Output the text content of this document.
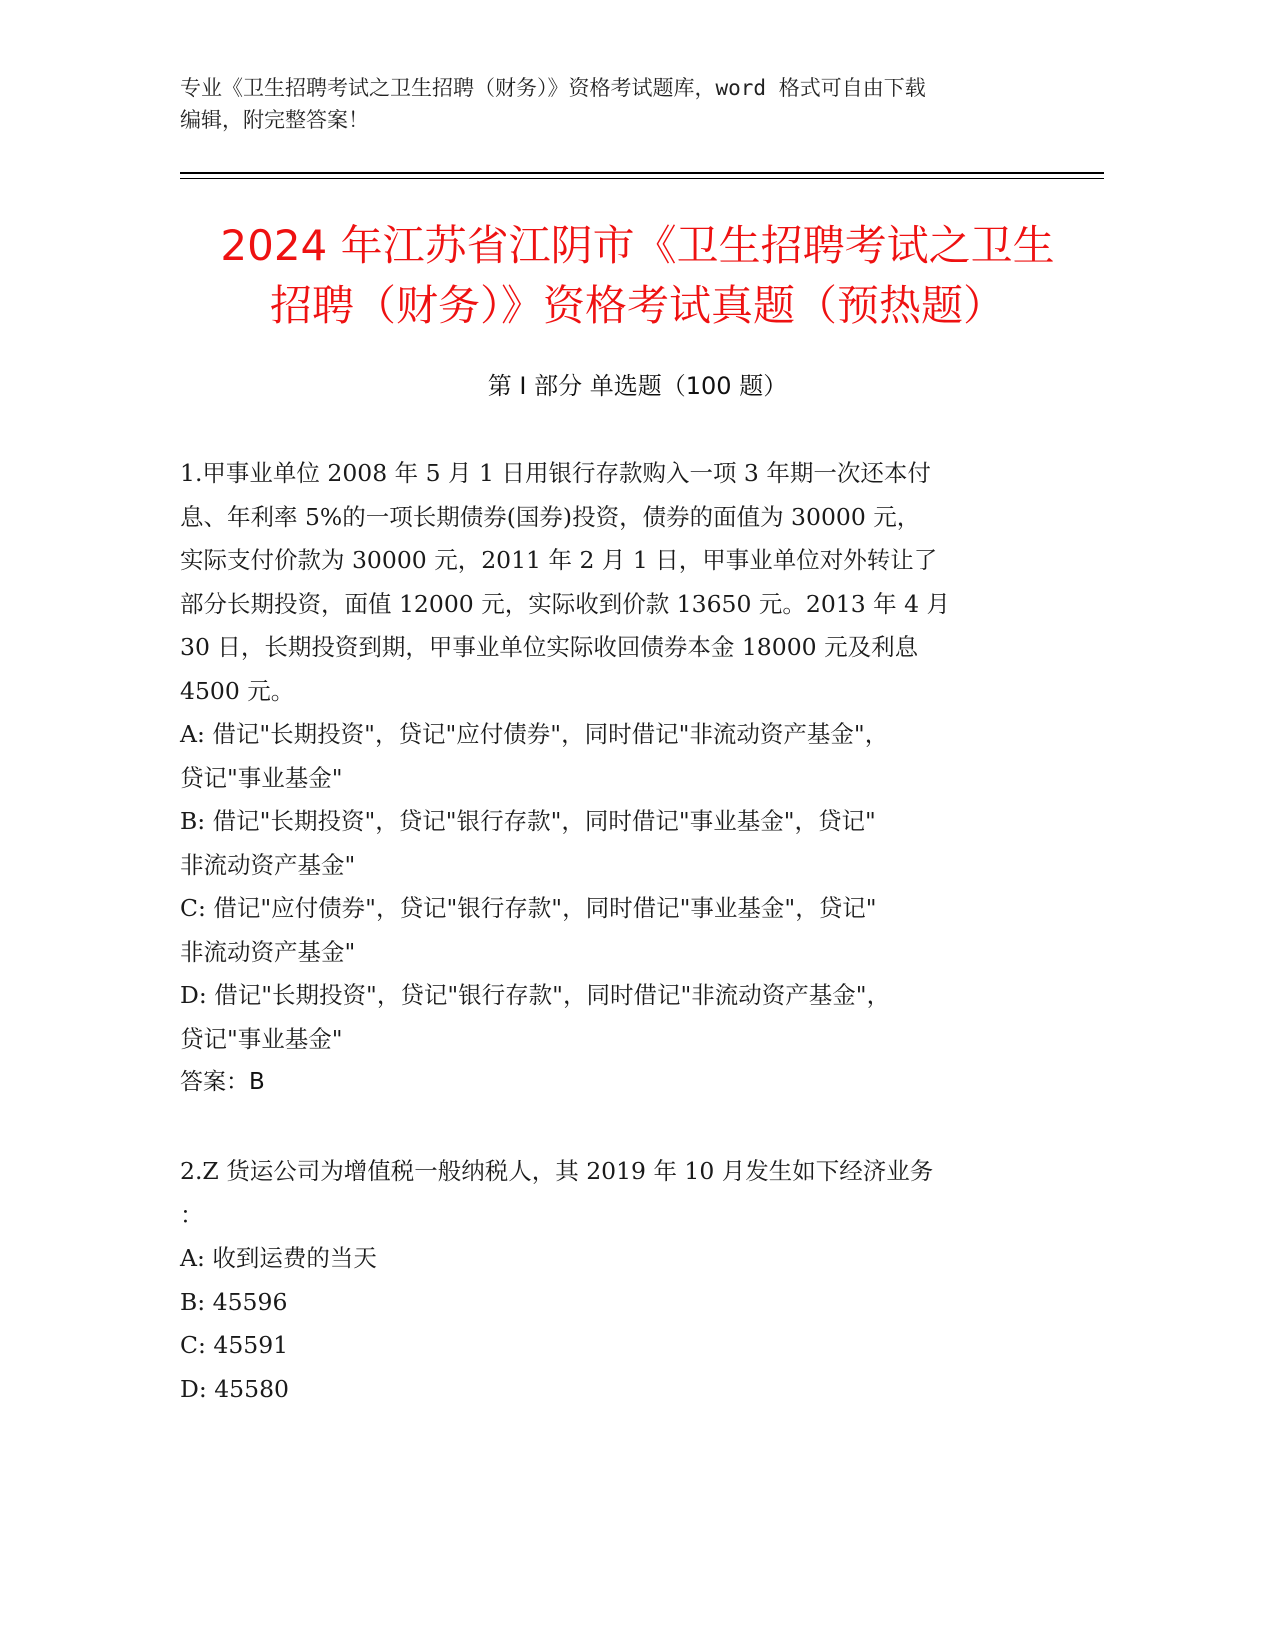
专业《卫生招聘考试之卫生招聘（财务）》资格考试题库，word 格式可自由下载
编辑，附完整答案！
2024 年江苏省江阴市《卫生招聘考试之卫生
招聘（财务）》资格考试真题（预热题）
第 I 部分 单选题（100 题）
1.甲事业单位 2008 年 5 月 1 日用银行存款购入一项 3 年期一次还本付
息、年利率 5%的一项长期债券(国券)投资，债券的面值为 30000 元，
实际支付价款为 30000 元，2011 年 2 月 1 日，甲事业单位对外转让了
部分长期投资，面值 12000 元，实际收到价款 13650 元。2013 年 4 月
30 日，长期投资到期，甲事业单位实际收回债券本金 18000 元及利息
4500 元。
A: 借记"长期投资"，贷记"应付债券"，同时借记"非流动资产基金"，
贷记"事业基金"
B: 借记"长期投资"，贷记"银行存款"，同时借记"事业基金"，贷记"
非流动资产基金"
C: 借记"应付债券"，贷记"银行存款"，同时借记"事业基金"，贷记"
非流动资产基金"
D: 借记"长期投资"，贷记"银行存款"，同时借记"非流动资产基金"，
贷记"事业基金"
答案：B
2.Z 货运公司为增值税一般纳税人，其 2019 年 10 月发生如下经济业务
：
A: 收到运费的当天
B: 45596
C: 45591
D: 45580
